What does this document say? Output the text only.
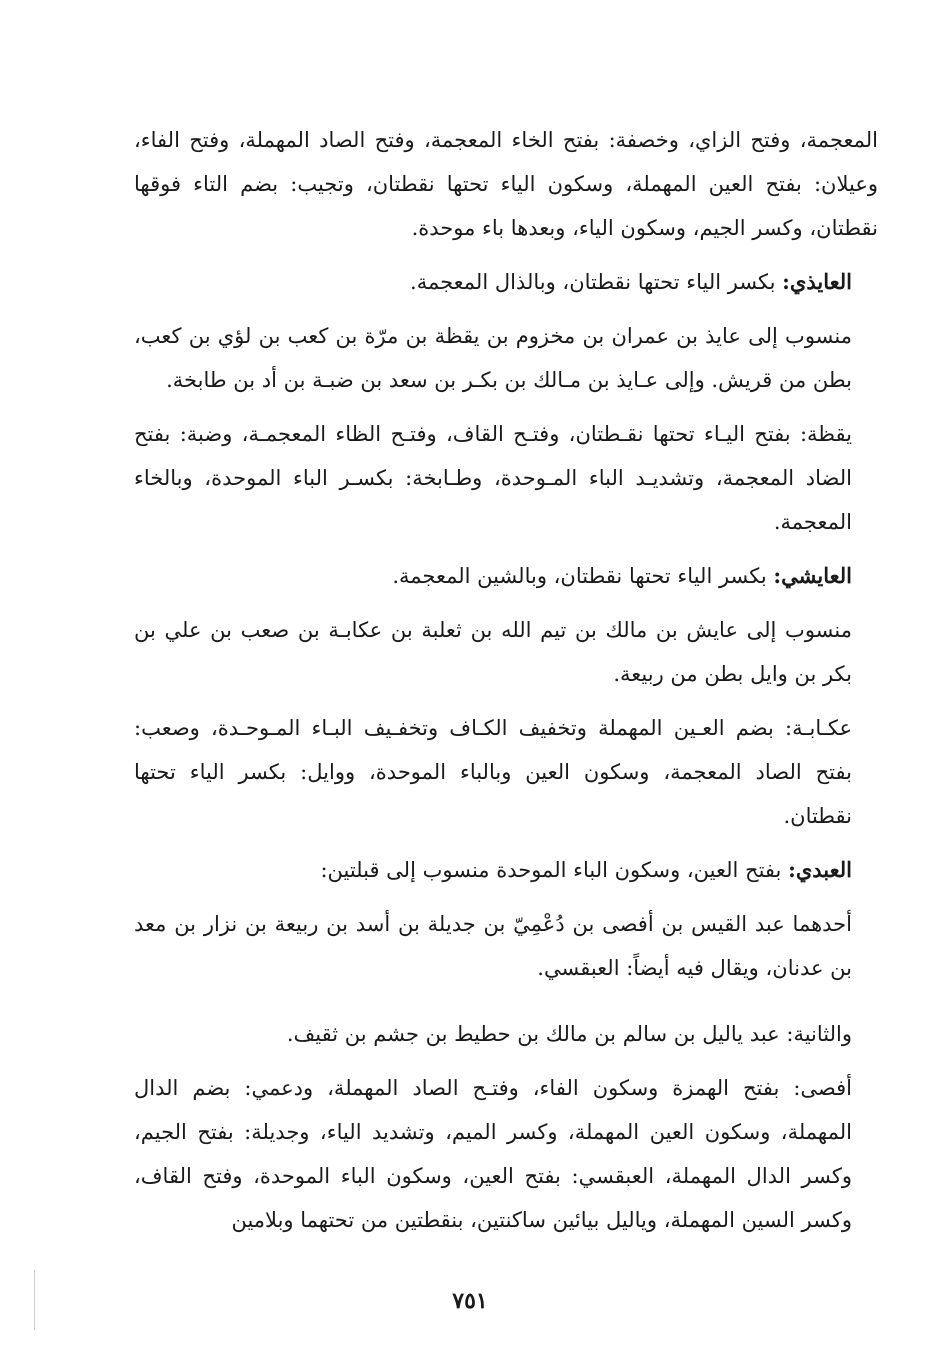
المعجمة، وفتح الزاي، وخصفة: بفتح الخاء المعجمة، وفتح الصاد المهملة، وفتح الفاء، وعيلان: بفتح العين المهملة، وسكون الياء تحتها نقطتان، وتجيب: بضم التاء فوقها نقطتان، وكسر الجيم، وسكون الياء، وبعدها باء موحدة.

العايذي: بكسر الياء تحتها نقطتان، وبالذال المعجمة.

منسوب إلى عايذ بن عمران بن مخزوم بن يقظة بن مرّة بن كعب بن لؤي بن كعب، بطن من قريش. وإلى عـايذ بن مـالك بن بكـر بن سعد بن ضبـة بن أد بن طابخة.

يقظة: بفتح اليـاء تحتها نقـطتان، وفتـح القاف، وفتـح الظاء المعجمـة، وضبة: بفتح الضاد المعجمة، وتشديـد الباء المـوحدة، وطـابخة: بكسـر الباء الموحدة، وبالخاء المعجمة.

العايشي: بكسر الياء تحتها نقطتان، وبالشين المعجمة.

منسوب إلى عايش بن مالك بن تيم الله بن ثعلبة بن عكابـة بن صعب بن علي بن بكر بن وايل بطن من ربيعة.

عكـابـة: بضم العـين المهملة وتخفيف الكـاف وتخفـيف البـاء المـوحـدة، وصعب: بفتح الصاد المعجمة، وسكون العين وبالباء الموحدة، ووايل: بكسر الياء تحتها نقطتان.

العبدي: بفتح العين، وسكون الباء الموحدة منسوب إلى قبلتين:

أحدهما عبد القيس بن أفصى بن دُعْمِيّ بن جديلة بن أسد بن ربيعة بن نزار بن معد بن عدنان، ويقال فيه أيضاً: العبقسي.

والثانية: عبد ياليل بن سالم بن مالك بن حطيط بن جشم بن ثقيف.

أفصى: بفتح الهمزة وسكون الفاء، وفتـح الصاد المهملة، ودعمي: بضم الدال المهملة، وسكون العين المهملة، وكسر الميم، وتشديد الياء، وجديلة: بفتح الجيم، وكسر الدال المهملة، العبقسي: بفتح العين، وسكون الباء الموحدة، وفتح القاف، وكسر السين المهملة، وياليل بيائين ساكنتين، بنقطتين من تحتهما وبلامين

٧٥١
